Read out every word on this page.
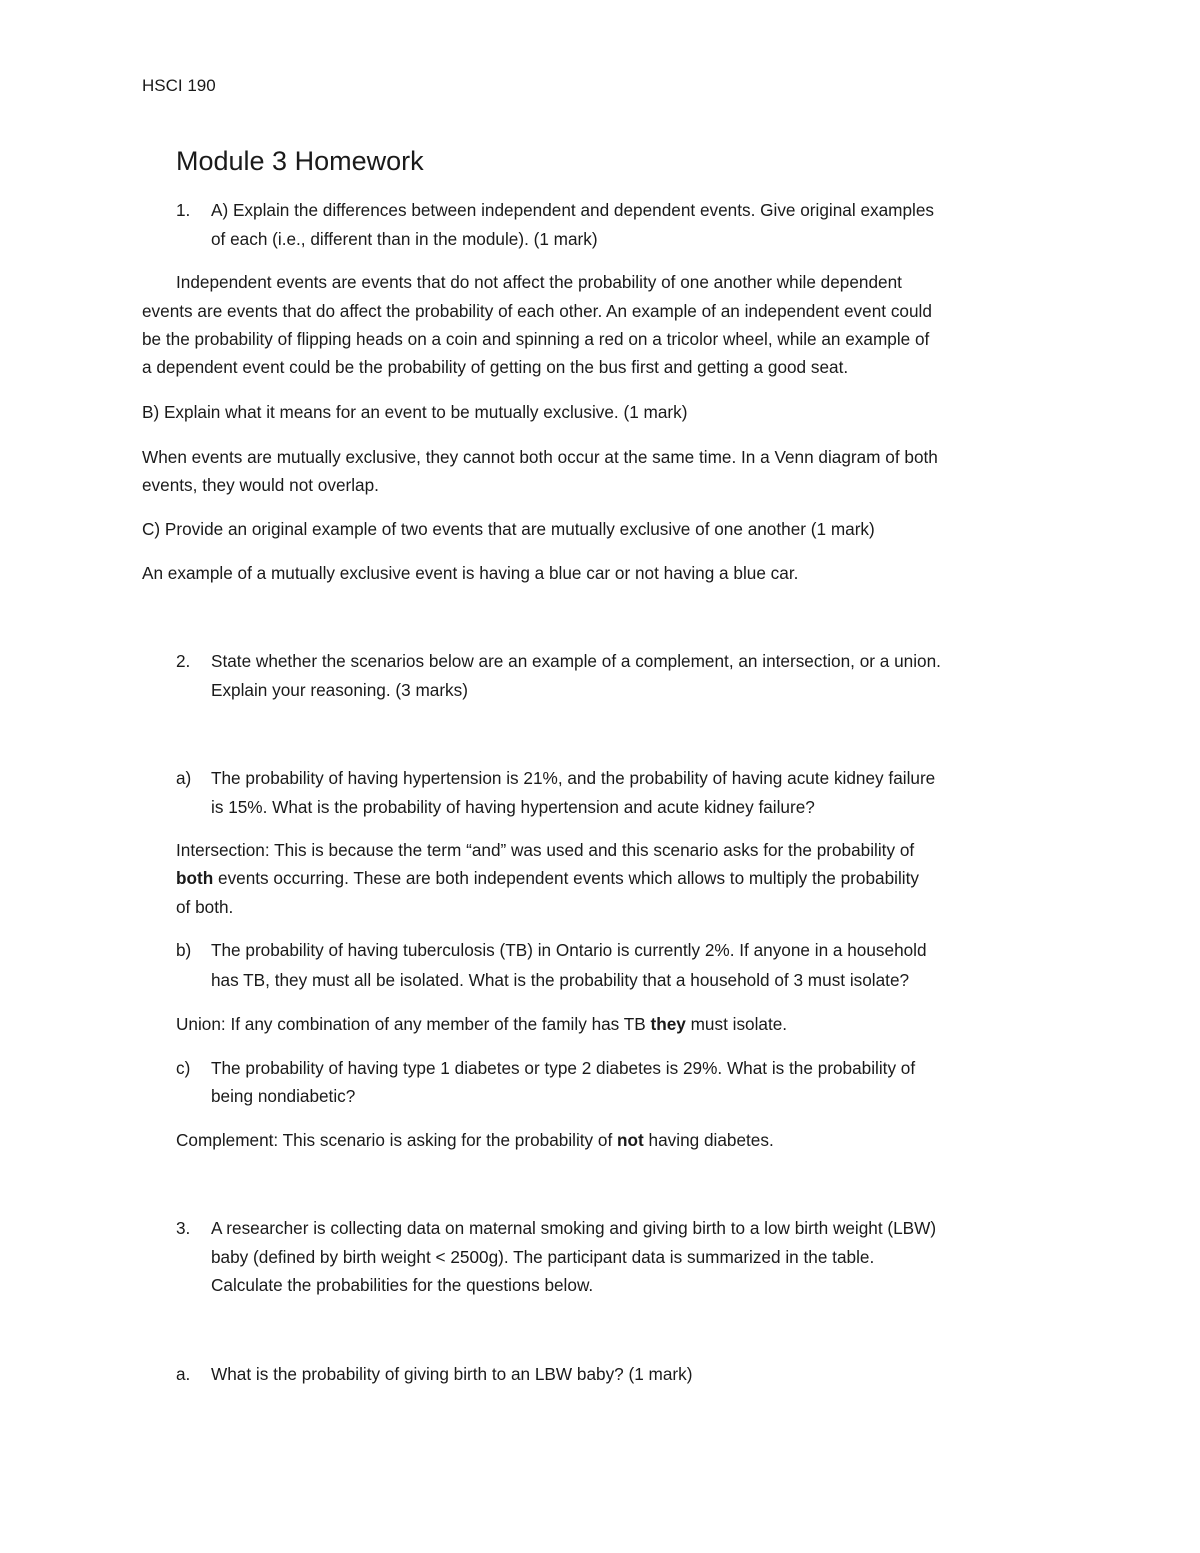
HSCI 190
Module 3 Homework
1.	A) Explain the differences between independent and dependent events. Give original examples
of each (i.e., different than in the module). (1 mark)
Independent events are events that do not affect the probability of one another while dependent
events are events that do affect the probability of each other. An example of an independent event could
be the probability of flipping heads on a coin and spinning a red on a tricolor wheel, while an example of
a dependent event could be the probability of getting on the bus first and getting a good seat.
B) Explain what it means for an event to be mutually exclusive. (1 mark)
When events are mutually exclusive, they cannot both occur at the same time. In a Venn diagram of both
events, they would not overlap.
C) Provide an original example of two events that are mutually exclusive of one another (1 mark)
An example of a mutually exclusive event is having a blue car or not having a blue car.
2.	State whether the scenarios below are an example of a complement, an intersection, or a union.
Explain your reasoning. (3 marks)
a)	The probability of having hypertension is 21%, and the probability of having acute kidney failure
is 15%. What is the probability of having hypertension and acute kidney failure?
Intersection: This is because the term “and” was used and this scenario asks for the probability of
both events occurring. These are both independent events which allows to multiply the probability
of both.
b)	The probability of having tuberculosis (TB) in Ontario is currently 2%. If anyone in a household
has TB, they must all be isolated. What is the probability that a household of 3 must isolate?
Union: If any combination of any member of the family has TB they must isolate.
c)	The probability of having type 1 diabetes or type 2 diabetes is 29%. What is the probability of
being nondiabetic?
Complement: This scenario is asking for the probability of not having diabetes.
3.	A researcher is collecting data on maternal smoking and giving birth to a low birth weight (LBW)
baby (defined by birth weight < 2500g). The participant data is summarized in the table.
Calculate the probabilities for the questions below.
a.	What is the probability of giving birth to an LBW baby? (1 mark)
